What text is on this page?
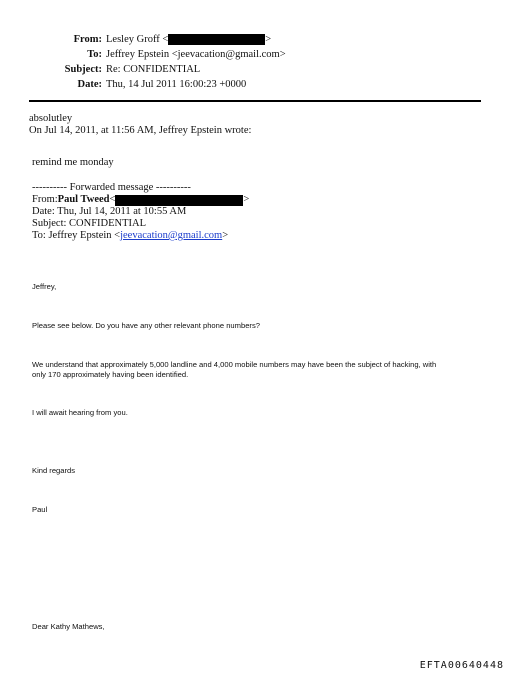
From: Lesley Groff <	>
To: Jeffrey Epstein <jeevacation@gmail.com>
Subject: Re: CONFIDENTIAL
Date: Thu, 14 Jul 2011 16:00:23 +0000
absolutley
On Jul 14, 2011, at 11:56 AM, Jeffrey Epstein wrote:
remind me monday
---------- Forwarded message ----------
From: Paul Tweed <	>
Date: Thu, Jul 14, 2011 at 10:55 AM
Subject: CONFIDENTIAL
To: Jeffrey Epstein <jeevacation@gmail.com>
Jeffrey,
Please see below. Do you have any other relevant phone numbers?
We understand that approximately 5,000 landline and 4,000 mobile numbers may have been the subject of hacking, with
only 170 approximately having been identified.
I will await hearing from you.
Kind regards
Paul
Dear Kathy Mathews,
EFTA00640448
